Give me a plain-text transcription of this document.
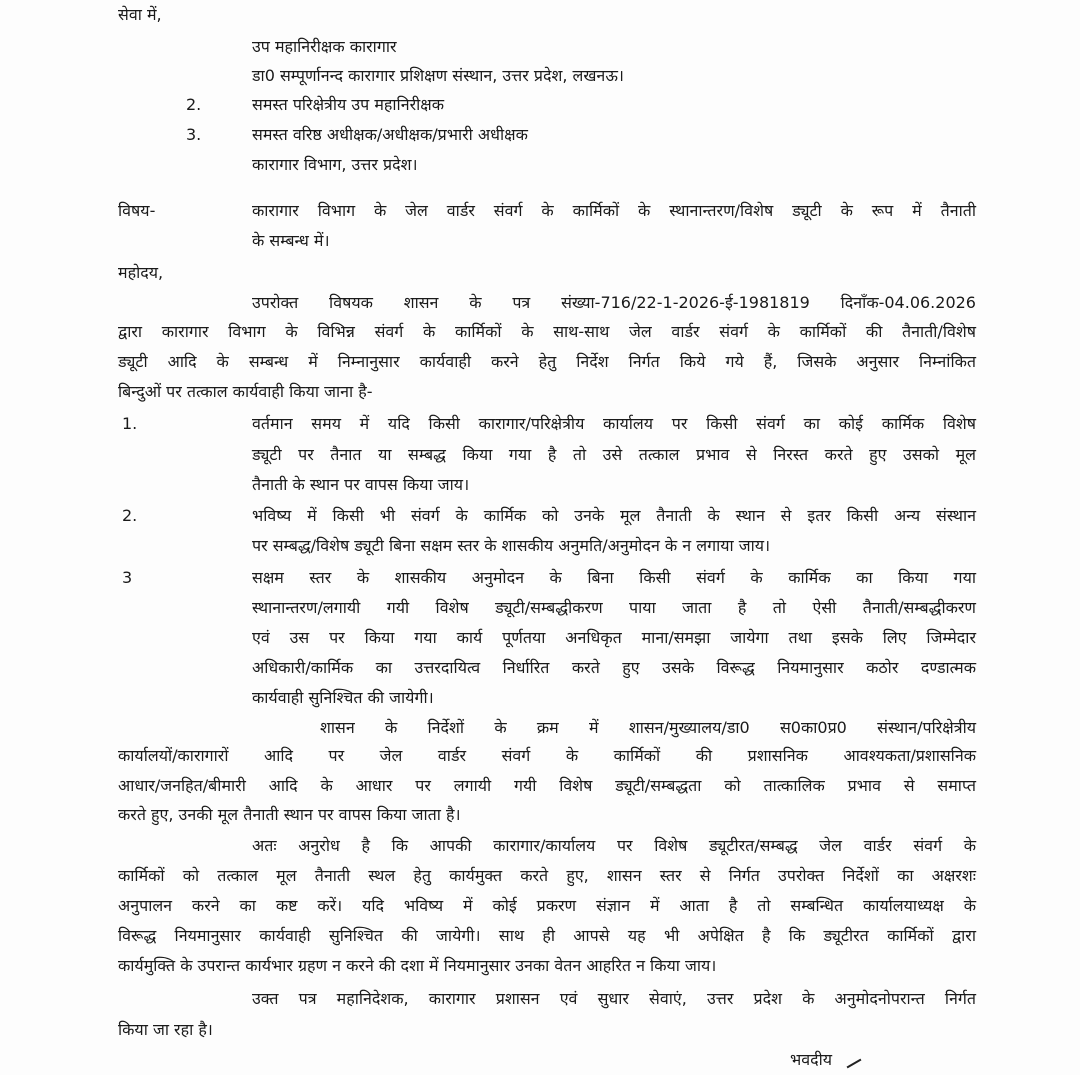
सेवा में,
उप महानिरीक्षक कारागार
डा0 सम्पूर्णानन्द कारागार प्रशिक्षण संस्थान, उत्तर प्रदेश, लखनऊ।
2.	समस्त परिक्षेत्रीय उप महानिरीक्षक
3.	समस्त वरिष्ठ अधीक्षक/अधीक्षक/प्रभारी अधीक्षक
कारागार विभाग, उत्तर प्रदेश।
विषय-	कारागार विभाग के जेल वार्डर संवर्ग के कार्मिकों के स्थानान्तरण/विशेष ड्यूटी के रूप में तैनाती
के सम्बन्ध में।
महोदय,
उपरोक्त विषयक शासन के पत्र संख्या-716/22-1-2026-ई-1981819 दिनाँक-04.06.2026
द्वारा कारागार विभाग के विभिन्न संवर्ग के कार्मिकों के साथ-साथ जेल वार्डर संवर्ग के कार्मिकों की तैनाती/विशेष
ड्यूटी आदि के सम्बन्ध में निम्नानुसार कार्यवाही करने हेतु निर्देश निर्गत किये गये हैं, जिसके अनुसार निम्नांकित
बिन्दुओं पर तत्काल कार्यवाही किया जाना है-
1.	वर्तमान समय में यदि किसी कारागार/परिक्षेत्रीय कार्यालय पर किसी संवर्ग का कोई कार्मिक विशेष
ड्यूटी पर तैनात या सम्बद्ध किया गया है तो उसे तत्काल प्रभाव से निरस्त करते हुए उसको मूल
तैनाती के स्थान पर वापस किया जाय।
2.	भविष्य में किसी भी संवर्ग के कार्मिक को उनके मूल तैनाती के स्थान से इतर किसी अन्य संस्थान
पर सम्बद्ध/विशेष ड्यूटी बिना सक्षम स्तर के शासकीय अनुमति/अनुमोदन के न लगाया जाय।
3	सक्षम स्तर के शासकीय अनुमोदन के बिना किसी संवर्ग के कार्मिक का किया गया
स्थानान्तरण/लगायी गयी विशेष ड्यूटी/सम्बद्धीकरण पाया जाता है तो ऐसी तैनाती/सम्बद्धीकरण
एवं उस पर किया गया कार्य पूर्णतया अनधिकृत माना/समझा जायेगा तथा इसके लिए जिम्मेदार
अधिकारी/कार्मिक का उत्तरदायित्व निर्धारित करते हुए उसके विरूद्ध नियमानुसार कठोर दण्डात्मक
कार्यवाही सुनिश्चित की जायेगी।
शासन के निर्देशों के क्रम में शासन/मुख्यालय/डा0 स0का0प्र0 संस्थान/परिक्षेत्रीय
कार्यालयों/कारागारों आदि पर जेल वार्डर संवर्ग के कार्मिकों की प्रशासनिक आवश्यकता/प्रशासनिक
आधार/जनहित/बीमारी आदि के आधार पर लगायी गयी विशेष ड्यूटी/सम्बद्धता को तात्कालिक प्रभाव से समाप्त
करते हुए, उनकी मूल तैनाती स्थान पर वापस किया जाता है।
अतः अनुरोध है कि आपकी कारागार/कार्यालय पर विशेष ड्यूटीरत/सम्बद्ध जेल वार्डर संवर्ग के
कार्मिकों को तत्काल मूल तैनाती स्थल हेतु कार्यमुक्त करते हुए, शासन स्तर से निर्गत उपरोक्त निर्देशों का अक्षरशः
अनुपालन करने का कष्ट करें। यदि भविष्य में कोई प्रकरण संज्ञान में आता है तो सम्बन्धित कार्यालयाध्यक्ष के
विरूद्ध नियमानुसार कार्यवाही सुनिश्चित की जायेगी। साथ ही आपसे यह भी अपेक्षित है कि ड्यूटीरत कार्मिकों द्वारा
कार्यमुक्ति के उपरान्त कार्यभार ग्रहण न करने की दशा में नियमानुसार उनका वेतन आहरित न किया जाय।
उक्त पत्र महानिदेशक, कारागार प्रशासन एवं सुधार सेवाएं, उत्तर प्रदेश के अनुमोदनोपरान्त निर्गत
किया जा रहा है।
भवदीय
